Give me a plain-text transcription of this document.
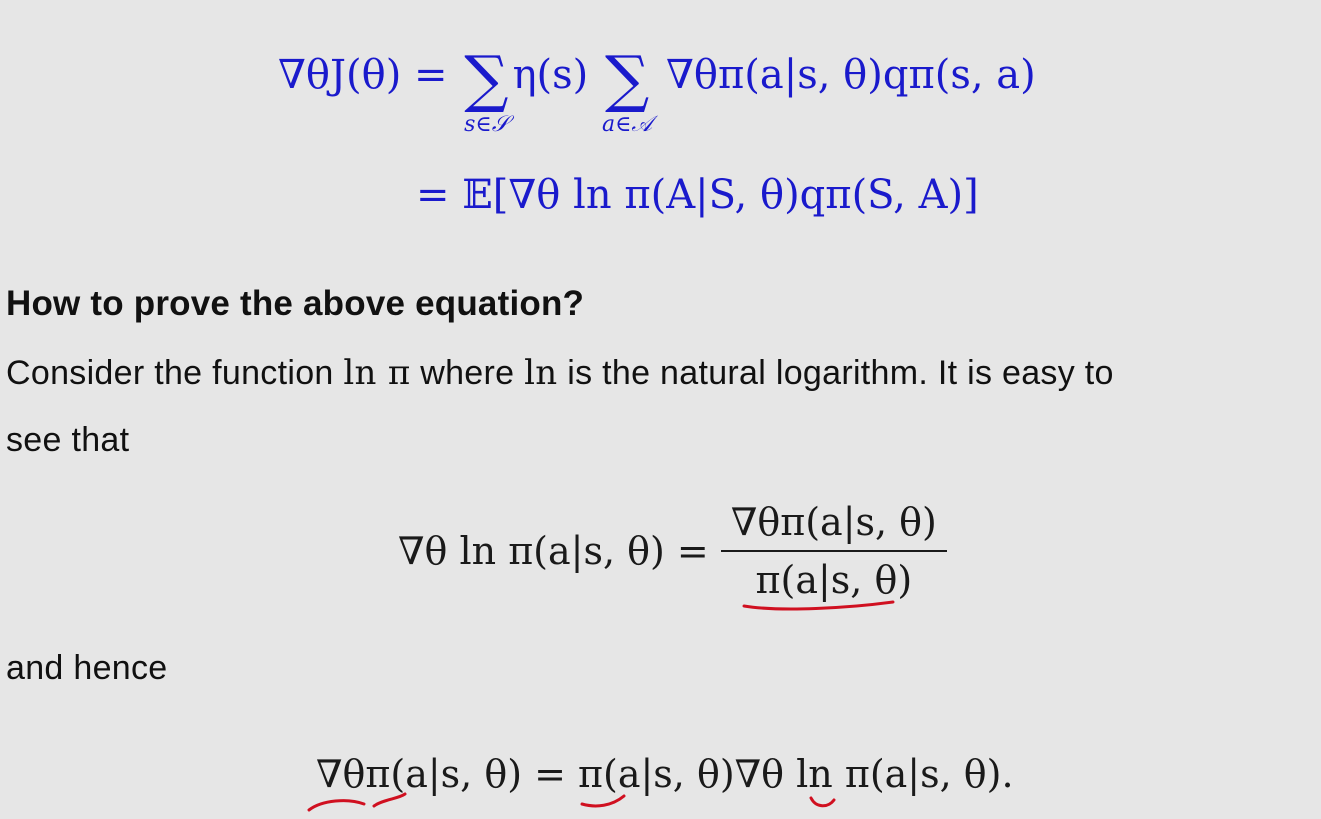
∇θJ(θ) = ∑
s∈𝒮
η(s) ∑
a∈𝒜
∇θπ(a|s, θ)qπ(s, a)
= 𝔼[∇θ ln π(A|S, θ)qπ(S, A)]
How to prove the above equation?
Consider the function ln π where ln is the natural logarithm. It is easy to
see that
∇θ ln π(a|s, $\theta) = \frac{\nabla\theta\pi(a|s, \theta)}{\pi(a|s, \theta)}$
and hence
∇θπ(a|s, θ) = π(a|s, θ)∇θ ln π(a|s, θ).
